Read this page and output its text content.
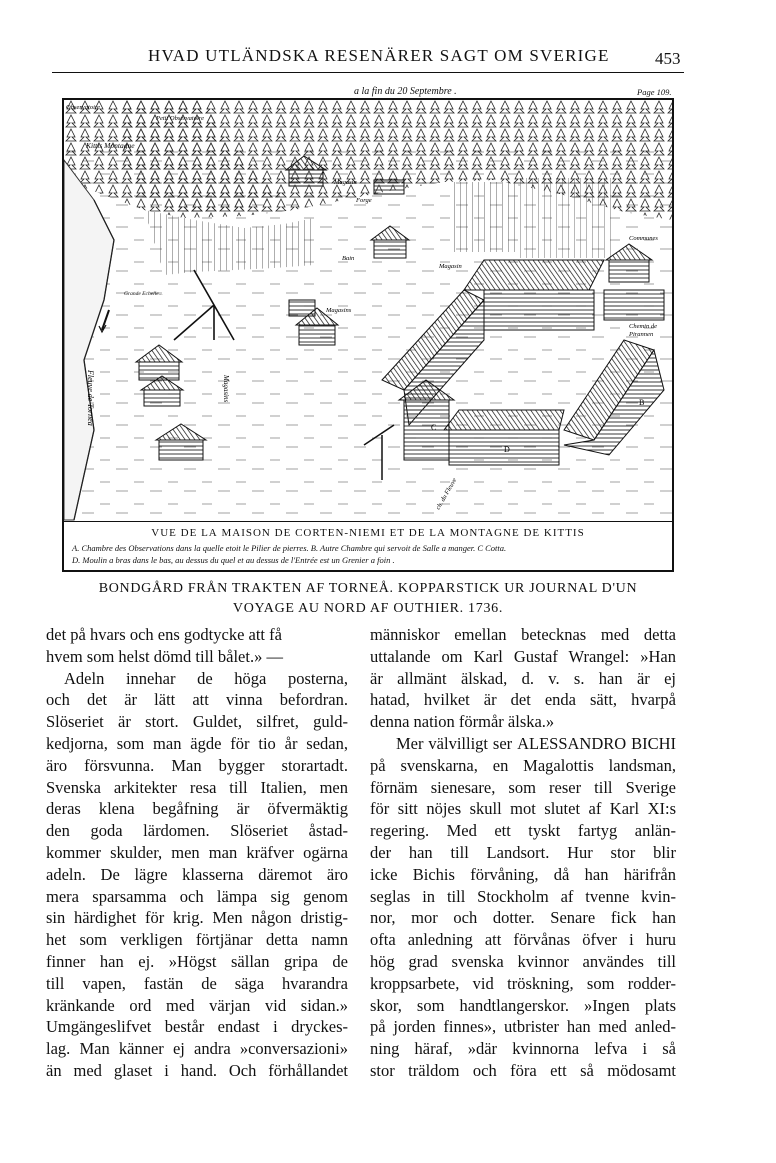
HVAD UTLÄNDSKA RESENÄRER SAGT OM SVERIGE	453
a la fin du 20 Septembre .	Page 109.
C
D
B
Observatoire
Petit Observatoire
Kittis Montagne
Magasin
Forge
Bain
Magasin
Communes
Grande Echelle...
Magasins
Chemin de
Pirannen
Fleuve de Tornea	Magasins
ch. du Fleuve
VUE DE LA MAISON DE CORTEN-NIEMI ET DE LA MONTAGNE DE KITTIS
A. Chambre des Observations dans la quelle etoit le Pilier de pierres. B. Autre Chambre qui servoit de Salle a manger. C Cotta.
D. Moulin a bras dans le bas, au dessus du quel et au dessus de l'Entrée est un Grenier a foin .
BONDGÅRD FRÅN TRAKTEN AF TORNEÅ. KOPPARSTICK UR JOURNAL D'UN
VOYAGE AU NORD AF OUTHIER. 1736.
det på hvars och ens godtycke att få
hvem som helst dömd till bålet.» —
Adeln innehar de höga posterna,
och det är lätt att vinna befordran.
Slöseriet är stort. Guldet, silfret, guld-
kedjorna, som man ägde för tio år sedan,
äro försvunna. Man bygger storartadt.
Svenska arkitekter resa till Italien, men
deras klena begåfning är öfvermäktig
den goda lärdomen. Slöseriet åstad-
kommer skulder, men man kräfver ogärna
adeln. De lägre klasserna däremot äro
mera sparsamma och lämpa sig genom
sin härdighet för krig. Men någon dristig-
het som verkligen förtjänar detta namn
finner han ej. »Högst sällan gripa de
till vapen, fastän de säga hvarandra
kränkande ord med värjan vid sidan.»
Umgängeslifvet består endast i dryckes-
lag. Man känner ej andra »conversazioni»
än med glaset i hand. Och förhållandet
människor emellan betecknas med detta
uttalande om Karl Gustaf Wrangel: »Han
är allmänt älskad, d. v. s. han är ej
hatad, hvilket är det enda sätt, hvarpå
denna nation förmår älska.»
Mer välvilligt ser ALESSANDRO BICHI
på svenskarna, en Magalottis landsman,
förnäm sienesare, som reser till Sverige
för sitt nöjes skull mot slutet af Karl XI:s
regering. Med ett tyskt fartyg anlän-
der han till Landsort. Hur stor blir
icke Bichis förvåning, då han härifrån
seglas in till Stockholm af tvenne kvin-
nor, mor och dotter. Senare fick han
ofta anledning att förvånas öfver i huru
hög grad svenska kvinnor användes till
kroppsarbete, vid tröskning, som rodder-
skor, som handtlangerskor. »Ingen plats
på jorden finnes», utbrister han med anled-
ning häraf, »där kvinnorna lefva i så
stor träldom och föra ett så mödosamt
